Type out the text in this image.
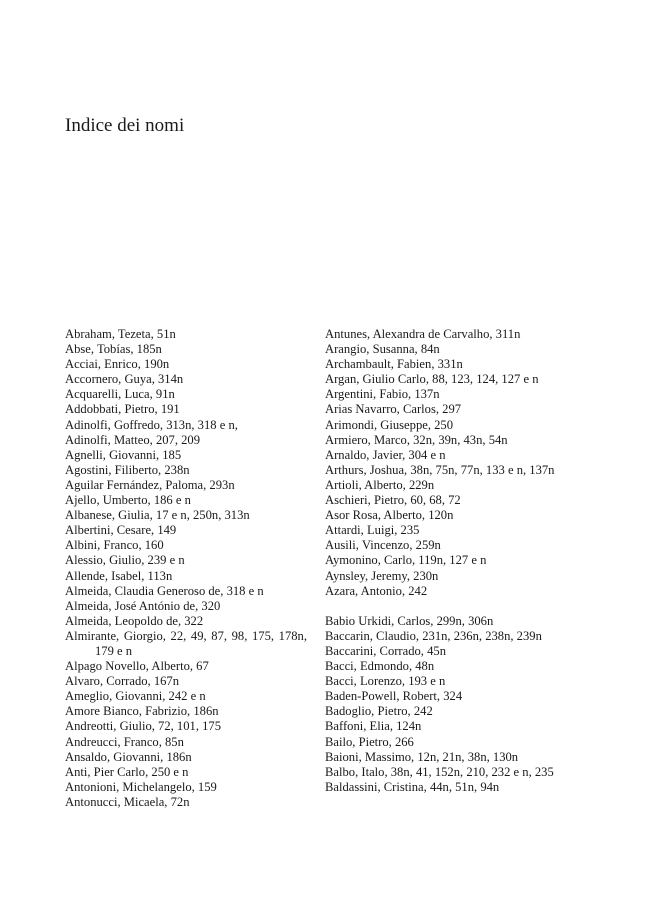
Indice dei nomi
Abraham, Tezeta, 51n
Abse, Tobías, 185n
Acciai, Enrico, 190n
Accornero, Guya, 314n
Acquarelli, Luca, 91n
Addobbati, Pietro, 191
Adinolfi, Goffredo, 313n, 318 e n,
Adinolfi, Matteo, 207, 209
Agnelli, Giovanni, 185
Agostini, Filiberto, 238n
Aguilar Fernández, Paloma, 293n
Ajello, Umberto, 186 e n
Albanese, Giulia, 17 e n, 250n, 313n
Albertini, Cesare, 149
Albini, Franco, 160
Alessio, Giulio, 239 e n
Allende, Isabel, 113n
Almeida, Claudia Generoso de, 318 e n
Almeida, José António de, 320
Almeida, Leopoldo de, 322
Almirante, Giorgio, 22, 49, 87, 98, 175, 178n, 179 e n
Alpago Novello, Alberto, 67
Alvaro, Corrado, 167n
Ameglio, Giovanni, 242 e n
Amore Bianco, Fabrizio, 186n
Andreotti, Giulio, 72, 101, 175
Andreucci, Franco, 85n
Ansaldo, Giovanni, 186n
Anti, Pier Carlo, 250 e n
Antonioni, Michelangelo, 159
Antonucci, Micaela, 72n
Antunes, Alexandra de Carvalho, 311n
Arangio, Susanna, 84n
Archambault, Fabien, 331n
Argan, Giulio Carlo, 88, 123, 124, 127 e n
Argentini, Fabio, 137n
Arias Navarro, Carlos, 297
Arimondi, Giuseppe, 250
Armiero, Marco, 32n, 39n, 43n, 54n
Arnaldo, Javier, 304 e n
Arthurs, Joshua, 38n, 75n, 77n, 133 e n, 137n
Artioli, Alberto, 229n
Aschieri, Pietro, 60, 68, 72
Asor Rosa, Alberto, 120n
Attardi, Luigi, 235
Ausili, Vincenzo, 259n
Aymonino, Carlo, 119n, 127 e n
Aynsley, Jeremy, 230n
Azara, Antonio, 242
Babio Urkidi, Carlos, 299n, 306n
Baccarin, Claudio, 231n, 236n, 238n, 239n
Baccarini, Corrado, 45n
Bacci, Edmondo, 48n
Bacci, Lorenzo, 193 e n
Baden-Powell, Robert, 324
Badoglio, Pietro, 242
Baffoni, Elia, 124n
Bailo, Pietro, 266
Baioni, Massimo, 12n, 21n, 38n, 130n
Balbo, Italo, 38n, 41, 152n, 210, 232 e n, 235
Baldassini, Cristina, 44n, 51n, 94n
